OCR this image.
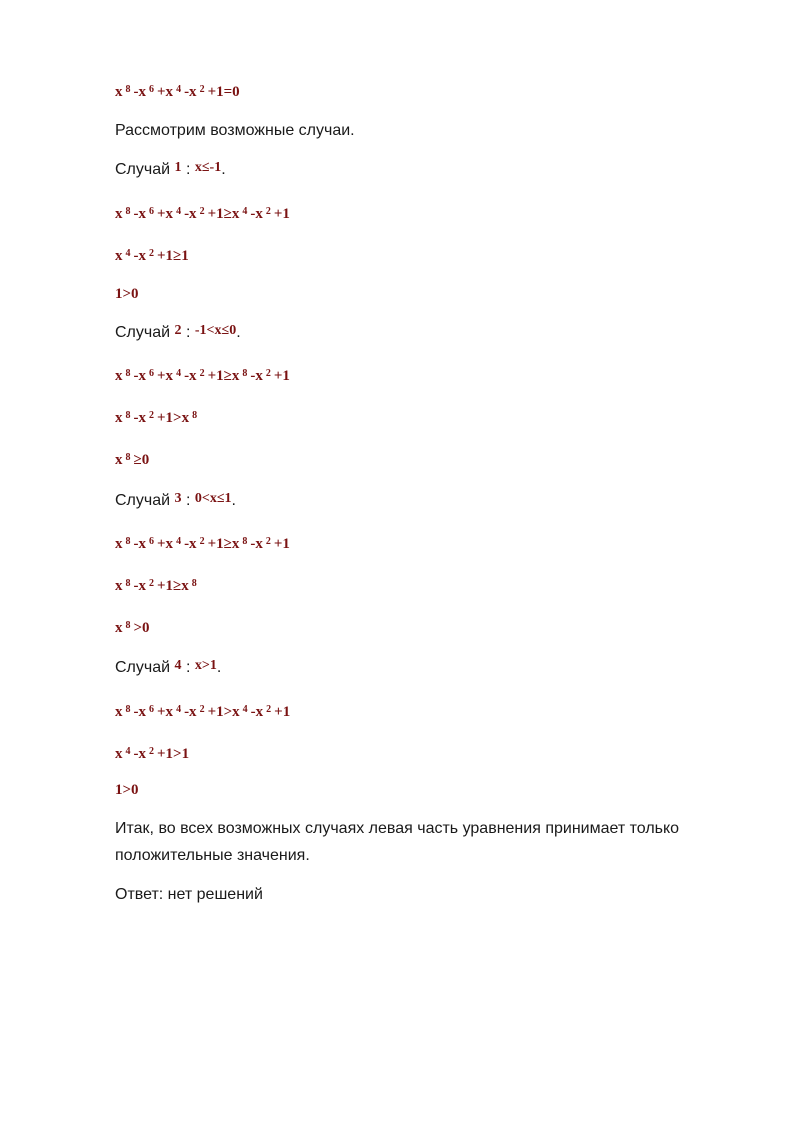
x $^8$ -x $^6$ +x $^4$ -x $^2$ +1=0
Рассмотрим возможные случаи.
Случай 1 : x≤-1.
x $^8$ -x $^6$ +x $^4$ -x $^2$ +1≥x $^4$ -x $^2$ +1
x $^4$ -x $^2$ +1≥1
1>0
Случай 2 : -1<x≤0.
x $^8$ -x $^6$ +x $^4$ -x $^2$ +1≥x $^8$ -x $^2$ +1
x $^8$ -x $^2$ +1>x $^8$
x $^8$ ≥0
Случай 3 : 0<x≤1.
x $^8$ -x $^6$ +x $^4$ -x $^2$ +1≥x $^8$ -x $^2$ +1
x $^8$ -x $^2$ +1≥x $^8$
x $^8$ >0
Случай 4 : x>1.
x $^8$ -x $^6$ +x $^4$ -x $^2$ +1>x $^4$ -x $^2$ +1
x $^4$ -x $^2$ +1>1
1>0
Итак, во всех возможных случаях левая часть уравнения принимает только
положительные значения.
Ответ: нет решений
